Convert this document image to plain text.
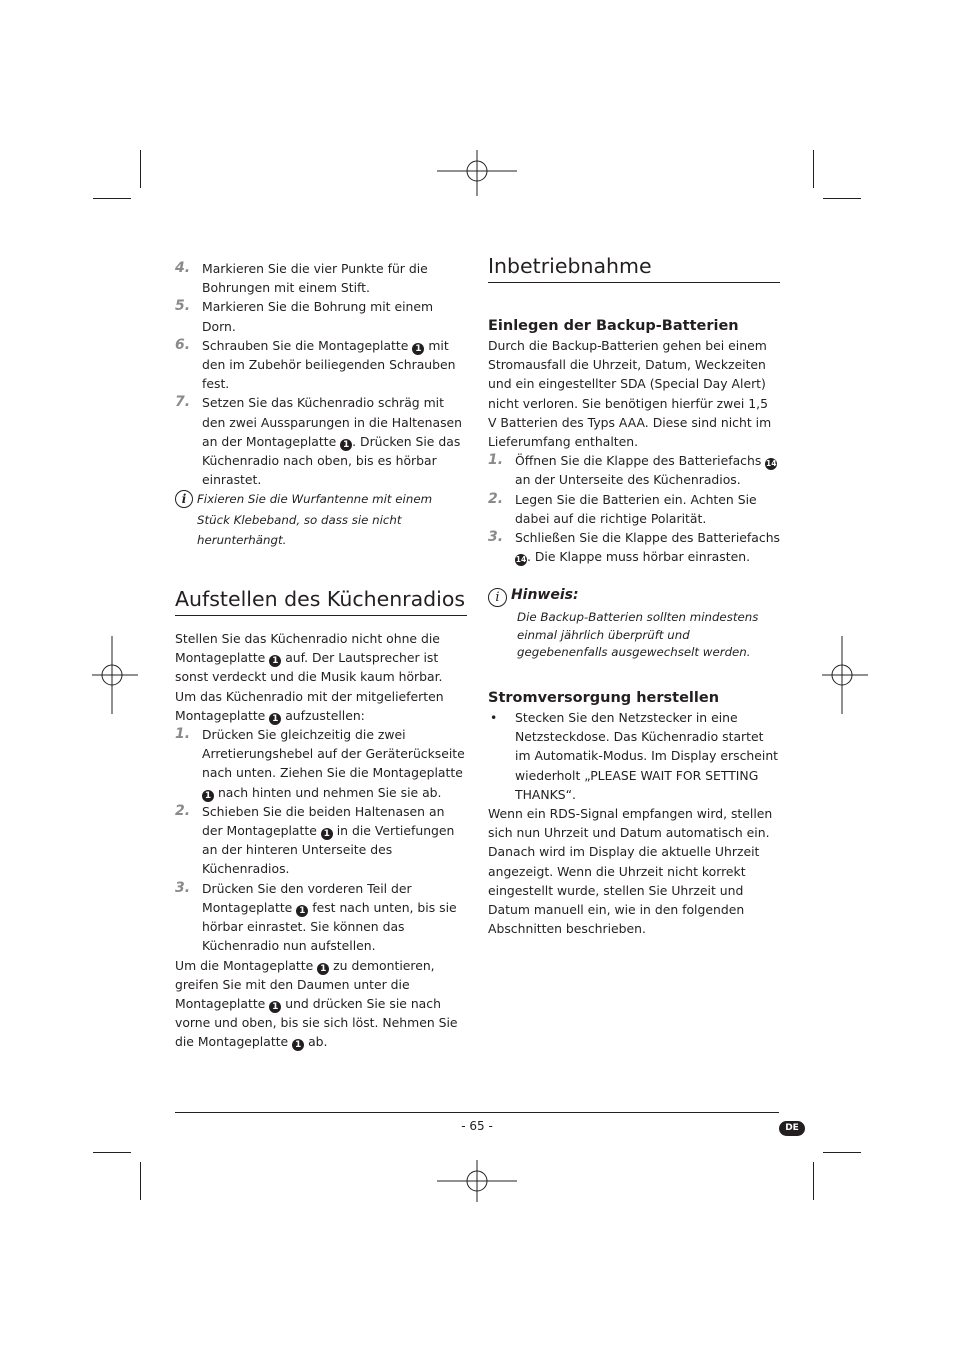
4. Markieren Sie die vier Punkte für die Bohrungen mit einem Stift.
5. Markieren Sie die Bohrung mit einem Dorn.
6. Schrauben Sie die Montageplatte 1 mit den im Zubehör beiliegenden Schrauben fest.
7. Setzen Sie das Küchenradio schräg mit den zwei Aussparungen in die Haltenasen an der Montageplatte 1 . Drücken Sie das Küchenradio nach oben, bis es hörbar einrastet.
i Fixieren Sie die Wurfantenne mit einem Stück Klebeband, so dass sie nicht herunterhängt.
Aufstellen des Küchenradios

Stellen Sie das Küchenradio nicht ohne die Montageplatte 1 auf. Der Lautsprecher ist sonst verdeckt und die Musik kaum hörbar.

Um das Küchenradio mit der mitgelieferten Montageplatte 1 aufzustellen:

1. Drücken Sie gleichzeitig die zwei Arretierungshebel auf der Geräterückseite nach unten. Ziehen Sie die Montageplatte 1 nach hinten und nehmen Sie sie ab.
2. Schieben Sie die beiden Haltenasen an der Montageplatte 1 in die Vertiefungen an der hinteren Unterseite des Küchenradios.
3. Drücken Sie den vorderen Teil der Montageplatte 1 fest nach unten, bis sie hörbar einrastet. Sie können das Küchenradio nun aufstellen.

Um die Montageplatte 1 zu demontieren, greifen Sie mit den Daumen unter die Montageplatte 1 und drücken Sie sie nach vorne und oben, bis sie sich löst. Nehmen Sie die Montageplatte 1 ab.

Inbetriebnahme
Einlegen der Backup-Batterien

Durch die Backup-Batterien gehen bei einem Stromausfall die Uhrzeit, Datum, Weckzeiten und ein eingestellter SDA (Special Day Alert) nicht verloren. Sie benötigen hierfür zwei 1,5 V Batterien des Typs AAA. Diese sind nicht im Lieferumfang enthalten.

1. Öffnen Sie die Klappe des Batteriefachs 14 an der Unterseite des Küchenradios.
2. Legen Sie die Batterien ein. Achten Sie dabei auf die richtige Polarität.
3. Schließen Sie die Klappe des Batteriefachs 14. Die Klappe muss hörbar einrasten.
i Hinweis:

Die Backup-Batterien sollten mindestens einmal jährlich überprüft und gegebenenfalls ausgewechselt werden.

Stromversorgung herstellen
• Stecken Sie den Netzstecker in eine Netzsteckdose. Das Küchenradio startet im Automatik-Modus. Im Display erscheint wiederholt „PLEASE WAIT FOR SETTING THANKS“.

Wenn ein RDS-Signal empfangen wird, stellen sich nun Uhrzeit und Datum automatisch ein. Danach wird im Display die aktuelle Uhrzeit angezeigt. Wenn die Uhrzeit nicht korrekt eingestellt wurde, stellen Sie Uhrzeit und Datum manuell ein, wie in den folgenden Abschnitten beschrieben.

- 65 -	DE
